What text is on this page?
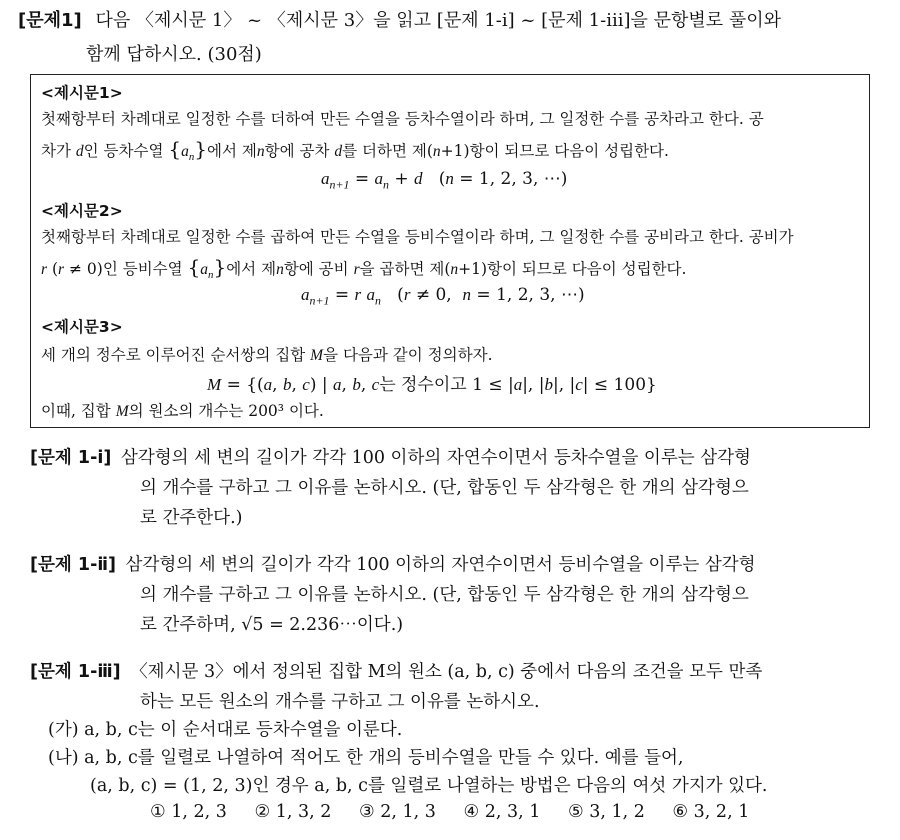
[문제1] 다음 〈제시문 1〉 ~ 〈제시문 3〉을 읽고 [문제 1-ⅰ] ~ [문제 1-ⅲ]을 문항별로 풀이와
함께 답하시오. (30점)
<제시문1>
첫째항부터 차례대로 일정한 수를 더하여 만든 수열을 등차수열이라 하며, 그 일정한 수를 공차라고 한다. 공
차가 d인 등차수열 $\{a_n\}$에서 제n항에 공차 d를 더하면 제(n+1)항이 되므로 다음이 성립한다.
$a_{n+1} = a_n + d$   (n = 1, 2, 3, ⋯)
<제시문2>
첫째항부터 차례대로 일정한 수를 곱하여 만든 수열을 등비수열이라 하며, 그 일정한 수를 공비라고 한다. 공비가
r (r ≠ 0)인 등비수열 $\{a_n\}$에서 제n항에 공비 r을 곱하면 제(n+1)항이 되므로 다음이 성립한다.
$a_{n+1} = r$ $a_n$   (r ≠ 0,  n = 1, 2, 3, ⋯)
<제시문3>
세 개의 정수로 이루어진 순서쌍의 집합 M을 다음과 같이 정의하자.
M = {(a, b, c) | a, b, c는 정수이고 1 ≤ |a|, |b|, |c| ≤ 100}
이때, 집합 M의 원소의 개수는 200³ 이다.
[문제 1-ⅰ] 삼각형의 세 변의 길이가 각각 100 이하의 자연수이면서 등차수열을 이루는 삼각형
의 개수를 구하고 그 이유를 논하시오. (단, 합동인 두 삼각형은 한 개의 삼각형으
로 간주한다.)
[문제 1-ⅱ] 삼각형의 세 변의 길이가 각각 100 이하의 자연수이면서 등비수열을 이루는 삼각형
의 개수를 구하고 그 이유를 논하시오. (단, 합동인 두 삼각형은 한 개의 삼각형으
로 간주하며, √5 = 2.236⋯이다.)
[문제 1-ⅲ] 〈제시문 3〉에서 정의된 집합 M의 원소 (a, b, c) 중에서 다음의 조건을 모두 만족
하는 모든 원소의 개수를 구하고 그 이유를 논하시오.
(가) a, b, c는 이 순서대로 등차수열을 이룬다.
(나) a, b, c를 일렬로 나열하여 적어도 한 개의 등비수열을 만들 수 있다. 예를 들어,
(a, b, c) = (1, 2, 3)인 경우 a, b, c를 일렬로 나열하는 방법은 다음의 여섯 가지가 있다.
① 1, 2, 3 ② 1, 3, 2 ③ 2, 1, 3 ④ 2, 3, 1 ⑤ 3, 1, 2 ⑥ 3, 2, 1
